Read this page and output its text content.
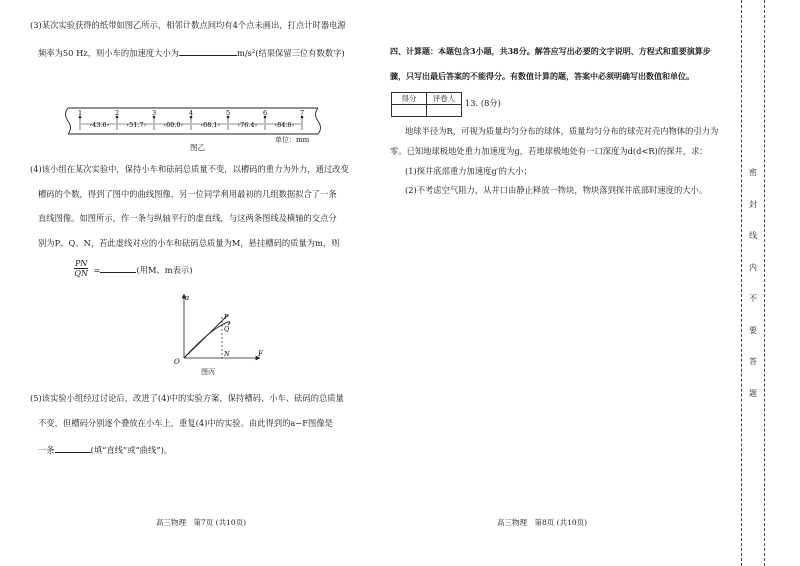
(3)某次实验获得的纸带如图乙所示，相邻计数点间均有4个点未画出，打点计时器电源
频率为50 Hz，则小车的加速度大小为	m/s²(结果保留三位有数数字)
1	2	3	4	5	6	7
‹43.6›	‹51.7›	‹60.0›	‹68.1›	‹76.4›	‹84.6›
图乙
单位：mm
(4)该小组在某次实验中，保持小车和砝码总质量不变，以槽码的重力为外力，通过改变
槽码的个数，得到了图中的曲线图像，另一位同学利用最初的几组数据拟合了一条
直线图像。如图所示，作一条与纵轴平行的虚直线，与这两条图线及横轴的交点分
别为P、Q、N，若此虚线对应的小车和砝码总质量为M，悬挂槽码的质量为m，则
$\frac{PN}{QN}$ =	(用M、m表示)
a
F
O
P
Q
N
图丙
(5)该实验小组经过讨论后，改进了(4)中的实验方案，保持槽码、小车、砝码的总质量
不变，但槽码分别逐个叠放在小车上，重复(4)中的实验。由此得到的a−F图像是
一条	(填“直线”或“曲线”)。
高三物理　第7页 (共10页)
四、计算题：本题包含3小题，共38分。解答应写出必要的文字说明、方程式和重要演算步
骤，只写出最后答案的不能得分。有数值计算的题，答案中必须明确写出数值和单位。
得分	评卷人
	13. (8分)
地球半径为R，可视为质量均匀分布的球体，质量均匀分布的球壳对壳内物体的引力为
零。已知地球极地处重力加速度为g，若地球极地处有一口深度为d(d<R)的探井，求：
(1)探井底部重力加速度g′的大小；
(2)不考虑空气阻力，从井口由静止释放一物块，物块落到探井底部时速度的大小。
高三物理　第8页 (共10页)
密
封
线
内
不
要
答
题
